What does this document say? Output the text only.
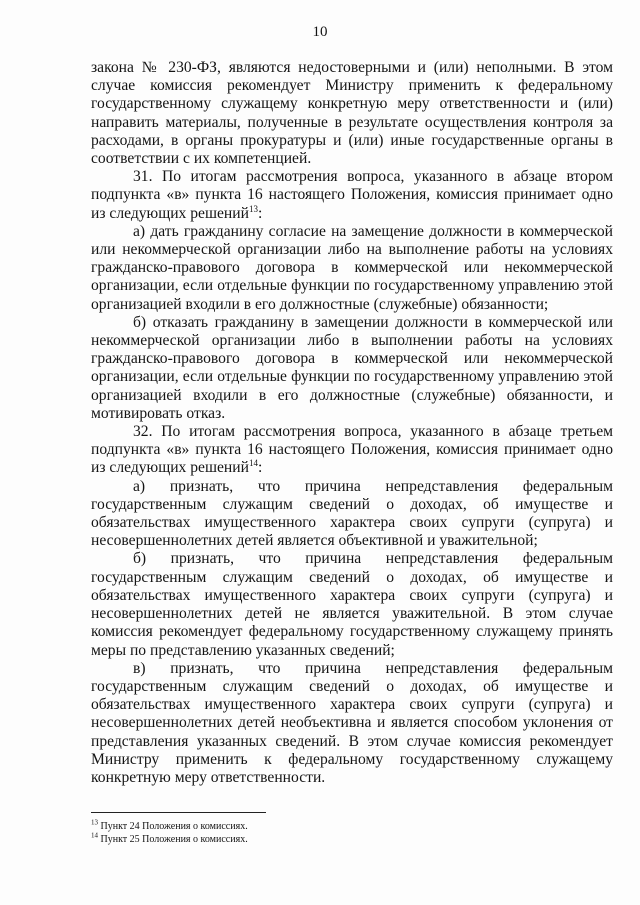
10

закона № 230-ФЗ, являются недостоверными и (или) неполными. В этом случае комиссия рекомендует Министру применить к федеральному государственному служащему конкретную меру ответственности и (или) направить материалы, полученные в результате осуществления контроля за расходами, в органы прокуратуры и (или) иные государственные органы в соответствии с их компетенцией.

31. По итогам рассмотрения вопроса, указанного в абзаце втором подпункта «в» пункта 16 настоящего Положения, комиссия принимает одно из следующих решений$^{13}$:

а) дать гражданину согласие на замещение должности в коммерческой или некоммерческой организации либо на выполнение работы на условиях гражданско-правового договора в коммерческой или некоммерческой организации, если отдельные функции по государственному управлению этой организацией входили в его должностные (служебные) обязанности;

б) отказать гражданину в замещении должности в коммерческой или некоммерческой организации либо в выполнении работы на условиях гражданско-правового договора в коммерческой или некоммерческой организации, если отдельные функции по государственному управлению этой организацией входили в его должностные (служебные) обязанности, и мотивировать отказ.

32. По итогам рассмотрения вопроса, указанного в абзаце третьем подпункта «в» пункта 16 настоящего Положения, комиссия принимает одно из следующих решений$^{14}$:

а) признать, что причина непредставления федеральным государственным служащим сведений о доходах, об имуществе и обязательствах имущественного характера своих супруги (супруга) и несовершеннолетних детей является объективной и уважительной;

б) признать, что причина непредставления федеральным государственным служащим сведений о доходах, об имуществе и обязательствах имущественного характера своих супруги (супруга) и несовершеннолетних детей не является уважительной. В этом случае комиссия рекомендует федеральному государственному служащему принять меры по представлению указанных сведений;

в) признать, что причина непредставления федеральным государственным служащим сведений о доходах, об имуществе и обязательствах имущественного характера своих супруги (супруга) и несовершеннолетних детей необъективна и является способом уклонения от представления указанных сведений. В этом случае комиссия рекомендует Министру применить к федеральному государственному служащему конкретную меру ответственности.

$^{13}$ Пункт 24 Положения о комиссиях.
$^{14}$ Пункт 25 Положения о комиссиях.
